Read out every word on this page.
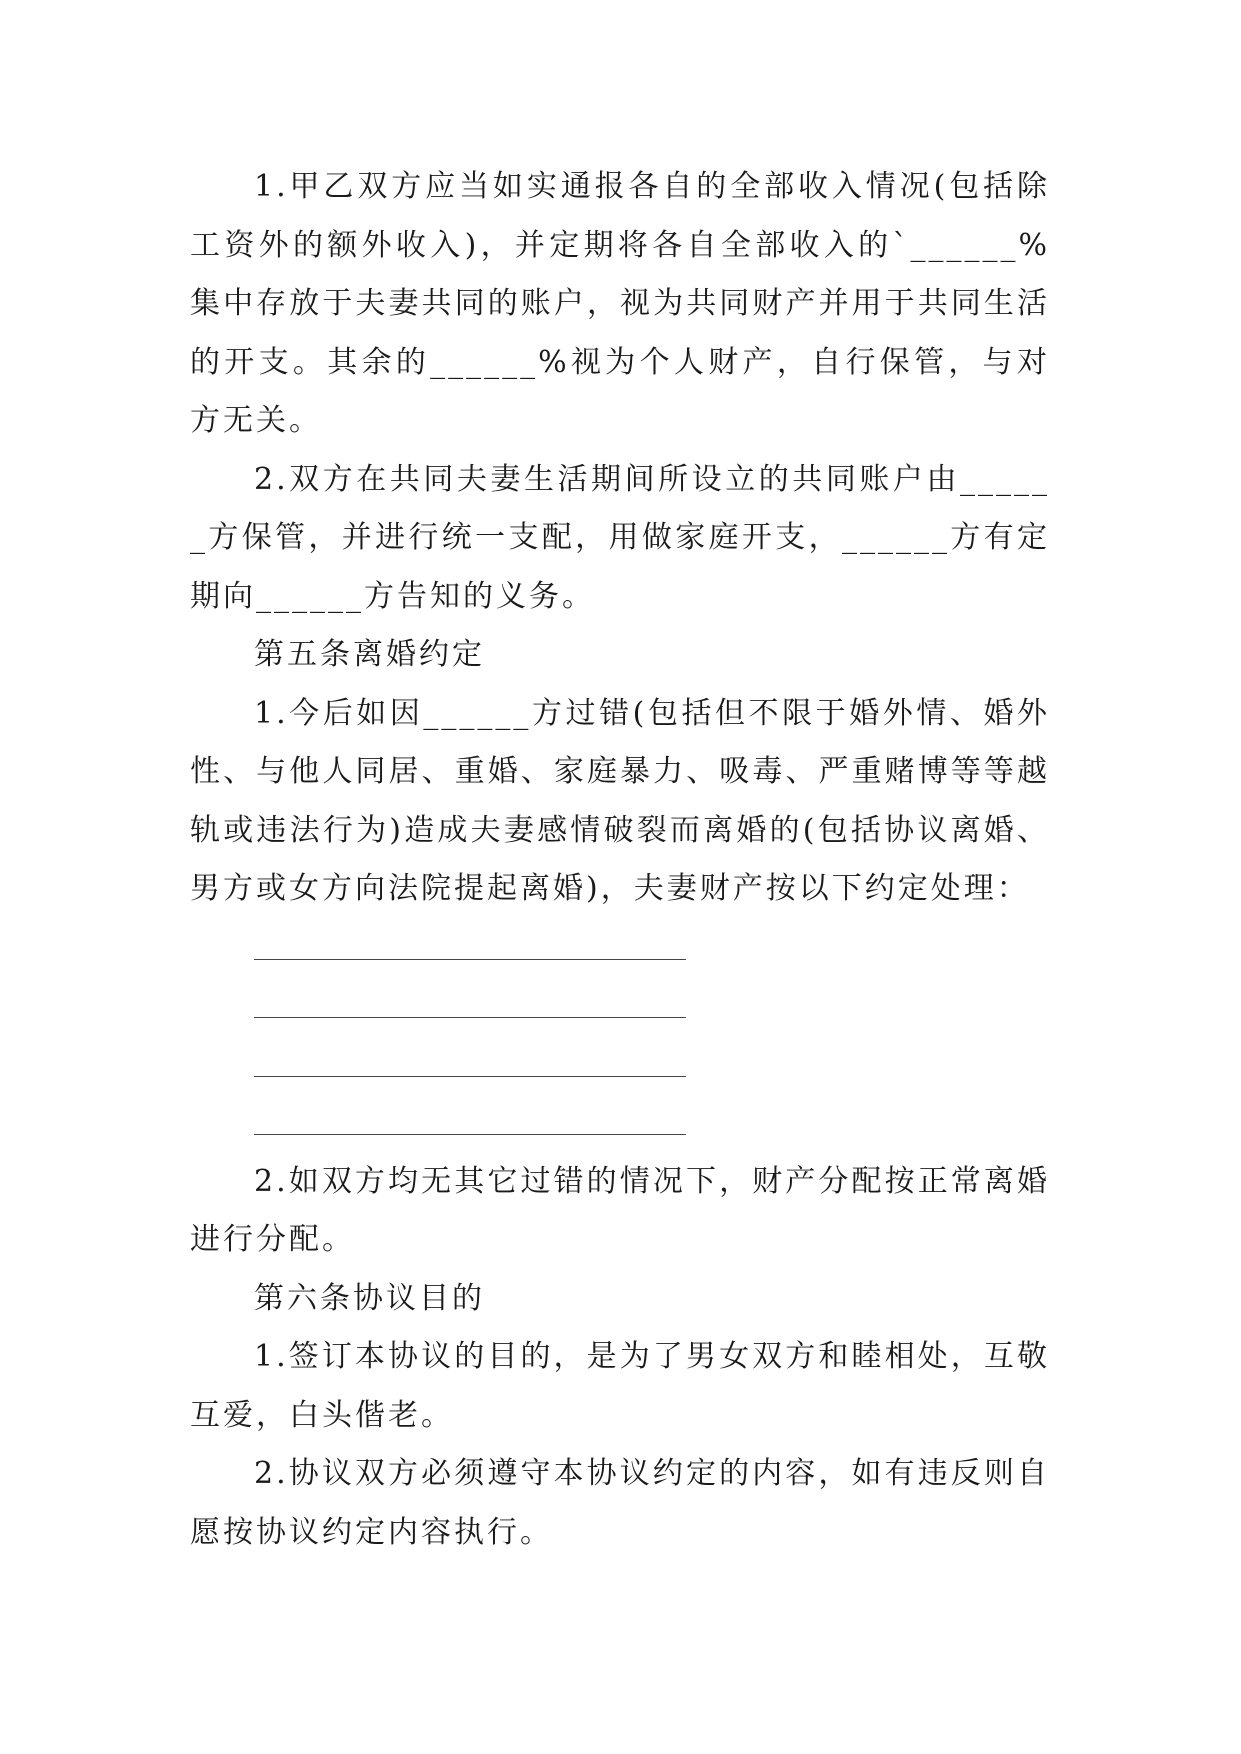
1.甲乙双方应当如实通报各自的全部收入情况(包括除工资外的额外收入)，并定期将各自全部收入的`______%集中存放于夫妻共同的账户，视为共同财产并用于共同生活的开支。其余的______%视为个人财产，自行保管，与对方无关。

2.双方在共同夫妻生活期间所设立的共同账户由______方保管，并进行统一支配，用做家庭开支，______方有定期向______方告知的义务。

第五条离婚约定

1.今后如因______方过错(包括但不限于婚外情、婚外性、与他人同居、重婚、家庭暴力、吸毒、严重赌博等等越轨或违法行为)造成夫妻感情破裂而离婚的(包括协议离婚、男方或女方向法院提起离婚)，夫妻财产按以下约定处理：

2.如双方均无其它过错的情况下，财产分配按正常离婚进行分配。

第六条协议目的

1.签订本协议的目的，是为了男女双方和睦相处，互敬互爱，白头偕老。

2.协议双方必须遵守本协议约定的内容，如有违反则自愿按协议约定内容执行。
